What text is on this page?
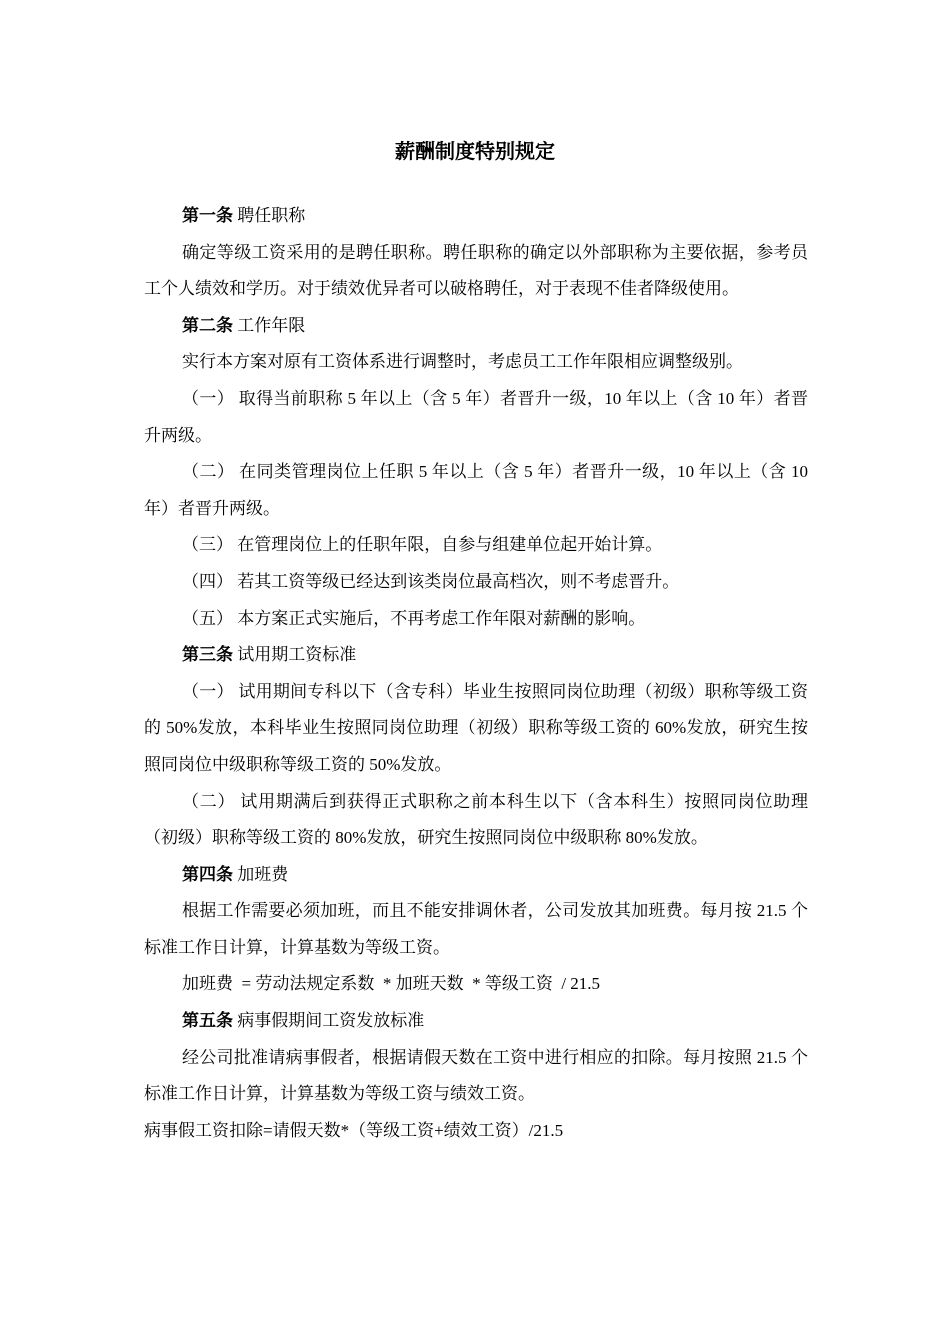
薪酬制度特别规定

第一条 聘任职称

确定等级工资采用的是聘任职称。聘任职称的确定以外部职称为主要依据，参考员工个人绩效和学历。对于绩效优异者可以破格聘任，对于表现不佳者降级使用。

第二条 工作年限

实行本方案对原有工资体系进行调整时，考虑员工工作年限相应调整级别。

（一） 取得当前职称 5 年以上（含 5 年）者晋升一级，10 年以上（含 10 年）者晋升两级。

（二） 在同类管理岗位上任职 5 年以上（含 5 年）者晋升一级，10 年以上（含 10 年）者晋升两级。

（三） 在管理岗位上的任职年限，自参与组建单位起开始计算。

（四） 若其工资等级已经达到该类岗位最高档次，则不考虑晋升。

（五） 本方案正式实施后，不再考虑工作年限对薪酬的影响。

第三条 试用期工资标准

（一） 试用期间专科以下（含专科）毕业生按照同岗位助理（初级）职称等级工资的 50%发放，本科毕业生按照同岗位助理（初级）职称等级工资的 60%发放，研究生按照同岗位中级职称等级工资的 50%发放。

（二） 试用期满后到获得正式职称之前本科生以下（含本科生）按照同岗位助理（初级）职称等级工资的 80%发放，研究生按照同岗位中级职称 80%发放。

第四条 加班费

根据工作需要必须加班，而且不能安排调休者，公司发放其加班费。每月按 21.5 个标准工作日计算，计算基数为等级工资。

加班费  = 劳动法规定系数  * 加班天数  * 等级工资  / 21.5

第五条 病事假期间工资发放标准

经公司批准请病事假者，根据请假天数在工资中进行相应的扣除。每月按照 21.5 个标准工作日计算，计算基数为等级工资与绩效工资。

病事假工资扣除=请假天数*（等级工资+绩效工资）/21.5
